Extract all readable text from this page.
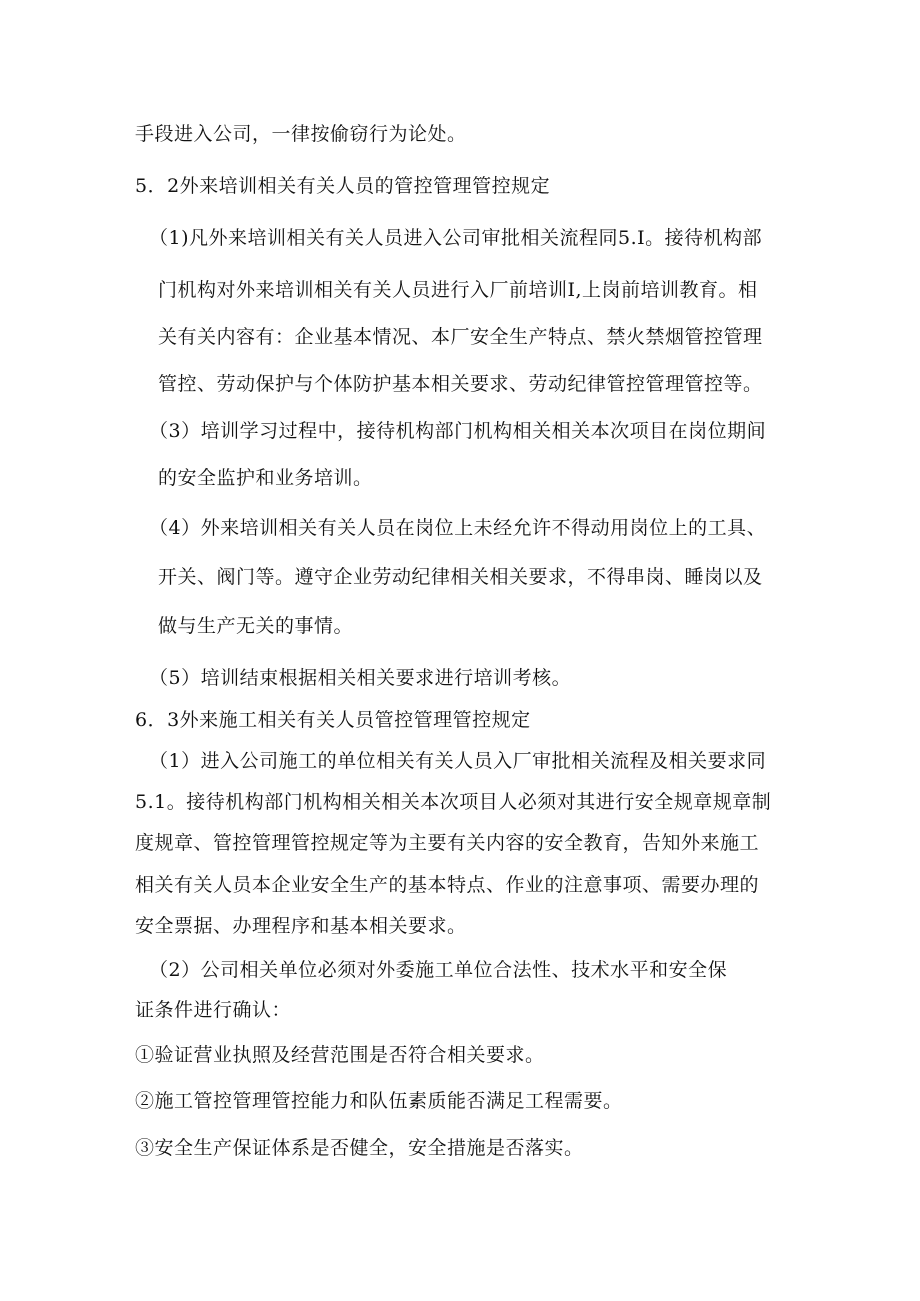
手段进入公司，一律按偷窃行为论处。

5．2外来培训相关有关人员的管控管理管控规定

（1)凡外来培训相关有关人员进入公司审批相关流程同5.I。接待机构部

门机构对外来培训相关有关人员进行入厂前培训I,上岗前培训教育。相

关有关内容有：企业基本情况、本厂安全生产特点、禁火禁烟管控管理

管控、劳动保护与个体防护基本相关要求、劳动纪律管控管理管控等。

（3）培训学习过程中，接待机构部门机构相关相关本次项目在岗位期间

的安全监护和业务培训。

（4）外来培训相关有关人员在岗位上未经允许不得动用岗位上的工具、

开关、阀门等。遵守企业劳动纪律相关相关要求，不得串岗、睡岗以及

做与生产无关的事情。

（5）培训结束根据相关相关要求进行培训考核。

6．3外来施工相关有关人员管控管理管控规定

（1）进入公司施工的单位相关有关人员入厂审批相关流程及相关要求同

5.1。接待机构部门机构相关相关本次项目人必须对其进行安全规章规章制

度规章、管控管理管控规定等为主要有关内容的安全教育，告知外来施工

相关有关人员本企业安全生产的基本特点、作业的注意事项、需要办理的

安全票据、办理程序和基本相关要求。

（2）公司相关单位必须对外委施工单位合法性、技术水平和安全保

证条件进行确认：

①验证营业执照及经营范围是否符合相关要求。

②施工管控管理管控能力和队伍素质能否满足工程需要。

③安全生产保证体系是否健全，安全措施是否落实。
